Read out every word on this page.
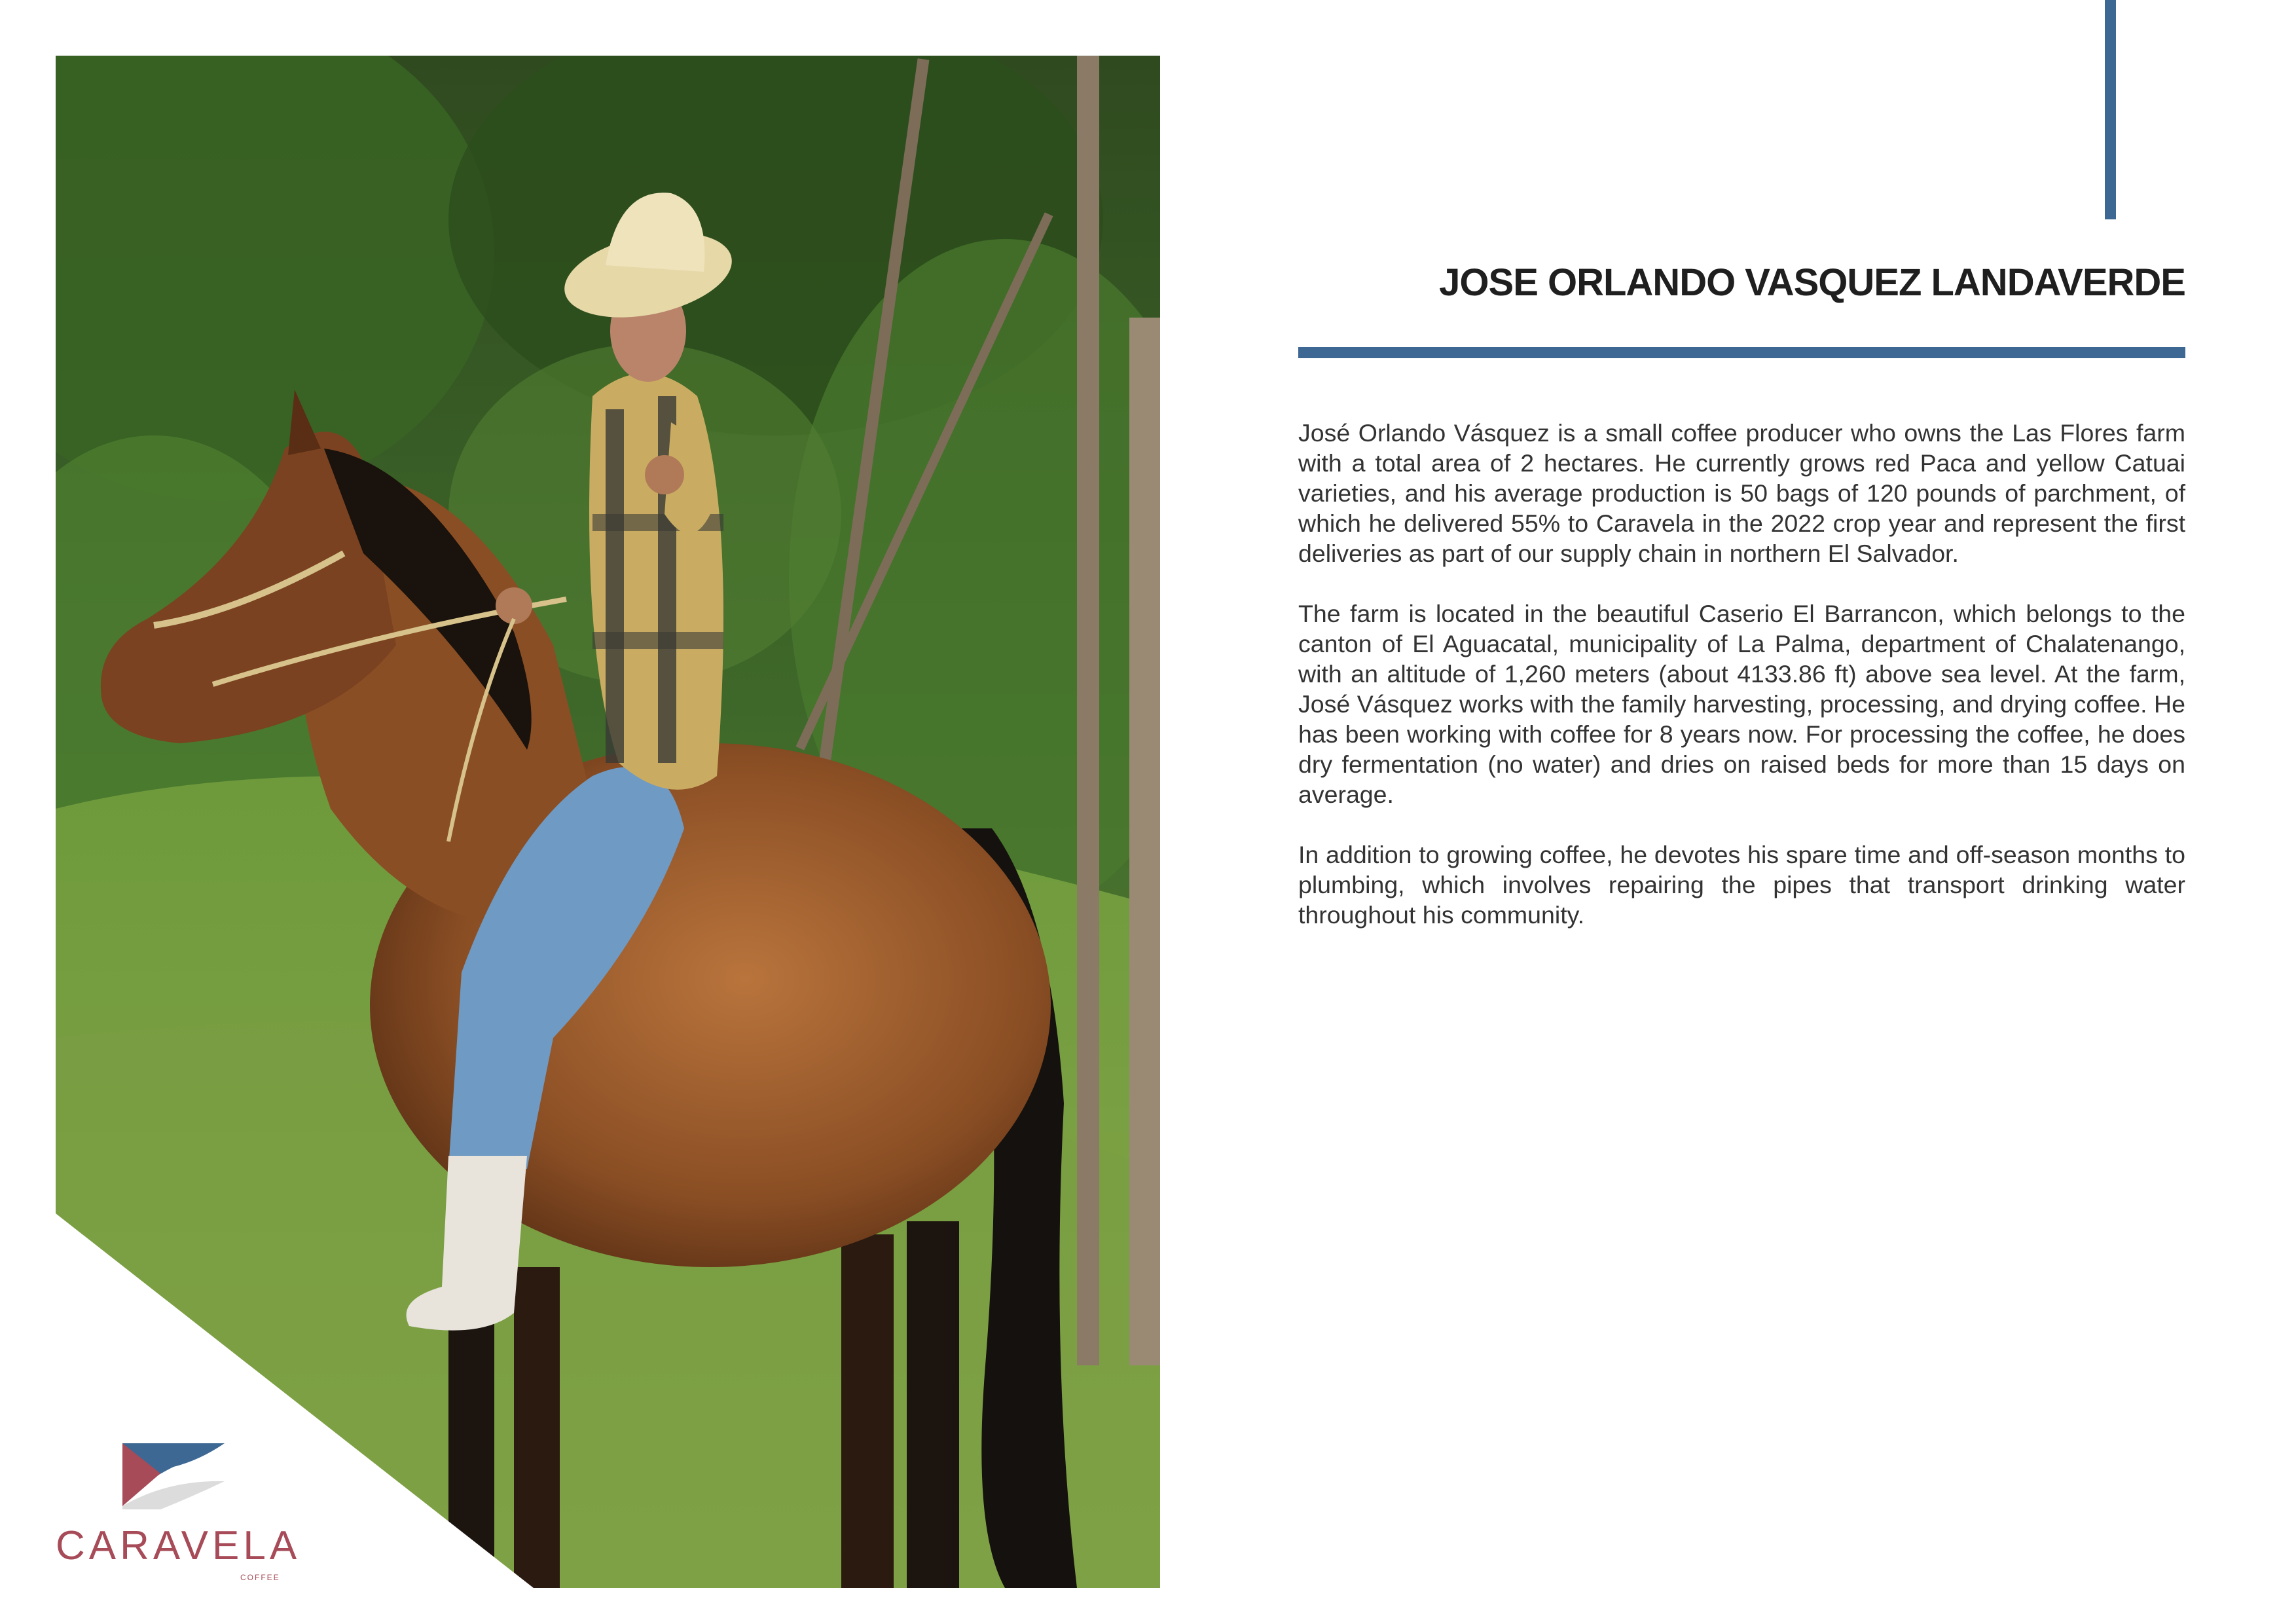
CARAVELA
COFFEE
JOSE ORLANDO VASQUEZ LANDAVERDE

José Orlando Vásquez is a small coffee producer who owns the Las Flores farm with a total area of 2 hectares. He currently grows red Paca and yellow Catuai varieties, and his average production is 50 bags of 120 pounds of parchment, of which he delivered 55% to Caravela in the 2022 crop year and represent the first deliveries as part of our supply chain in northern El Salvador.

The farm is located in the beautiful Caserio El Barrancon, which belongs to the canton of El Aguacatal, municipality of La Palma, department of Chalatenango, with an altitude of 1,260 meters (about 4133.86 ft) above sea level. At the farm, José Vásquez works with the family harvesting, processing, and drying coffee. He has been working with coffee for 8 years now. For processing the coffee, he does dry fermentation (no water) and dries on raised beds for more than 15 days on average.

In addition to growing coffee, he devotes his spare time and off-season months to plumbing, which involves repairing the pipes that transport drinking water throughout his community.
